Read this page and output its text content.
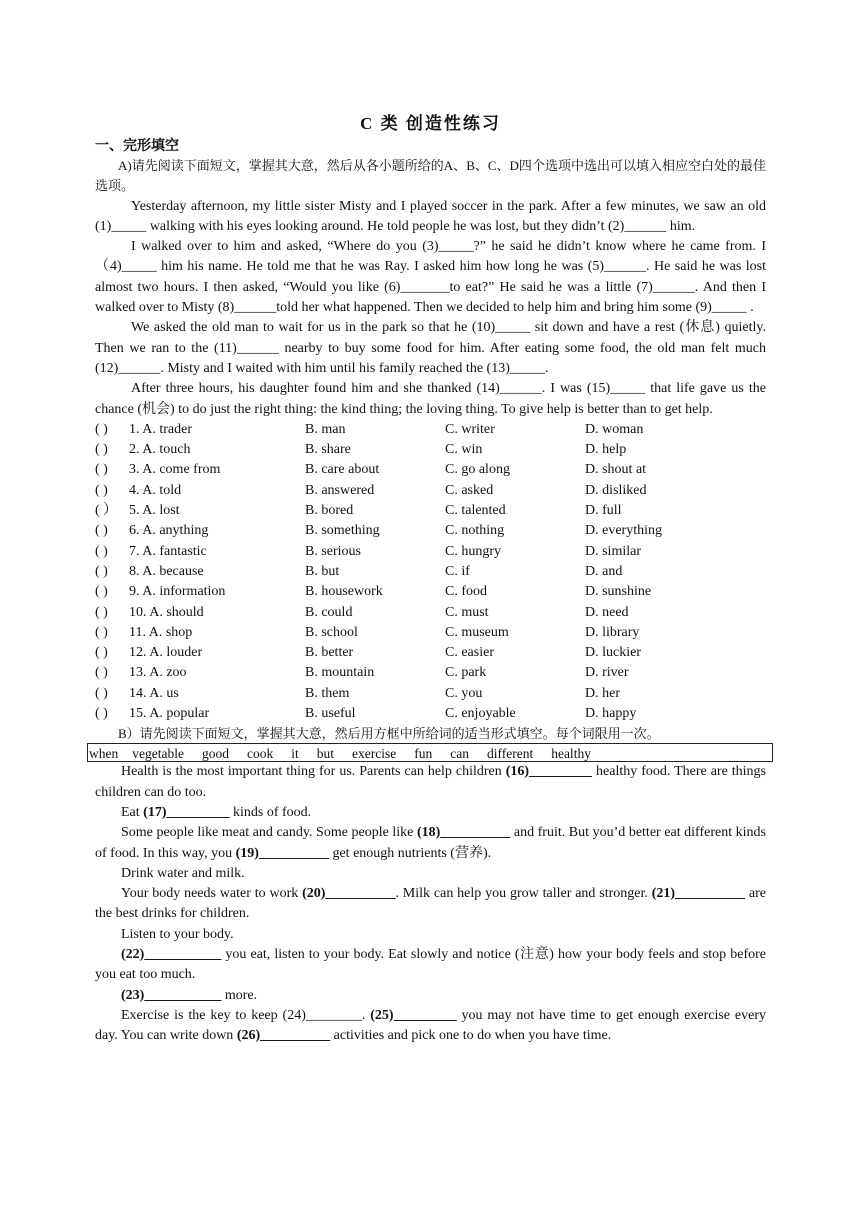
C 类 创造性练习
一、完形填空
A)请先阅读下面短文，掌握其大意，然后从各小题所给的A、B、C、D四个选项中选出可以填入相应空白处的最佳选项。

Yesterday afternoon, my little sister Misty and I played soccer in the park. After a few minutes, we saw an old (1)_____ walking with his eyes looking around. He told people he was lost, but they didn’t (2)______ him.

I walked over to him and asked, “Where do you (3)_____?” he said he didn’t know where he came from. I （4)_____ him his name. He told me that he was Ray. I asked him how long he was (5)______. He said he was lost almost two hours. I then asked, “Would you like (6)_______to eat?” He said he was a little (7)______. And then I walked over to Misty (8)______told her what happened. Then we decided to help him and bring him some (9)_____ .

We asked the old man to wait for us in the park so that he (10)_____ sit down and have a rest (休息) quietly. Then we ran to the (11)______ nearby to buy some food for him. After eating some food, the old man felt much (12)______. Misty and I waited with him until his family reached the (13)_____.

After three hours, his daughter found him and she thanked (14)______. I was (15)_____ that life gave us the chance (机会) to do just the right thing: the kind thing; the loving thing. To give help is better than to get help.

( ) 1. A. trader	B. man	C. writer	D. woman
( ) 2. A. touch	B. share	C. win	D. help
( ) 3. A. come from	B. care about	C. go along	D. shout at
( ) 4. A. told	B. answered	C. asked	D. disliked
( ） 5. A. lost	B. bored	C. talented	D. full
( ) 6. A. anything	B. something	C. nothing	D. everything
( ) 7. A. fantastic	B. serious	C. hungry	D. similar
( ) 8. A. because	B. but	C. if	D. and
( ) 9. A. information	B. housework	C. food	D. sunshine
( ) 10. A. should	B. could	C. must	D. need
( ) 11. A. shop	B. school	C. museum	D. library
( ) 12. A. louder	B. better	C. easier	D. luckier
( ) 13. A. zoo	B. mountain	C. park	D. river
( ) 14. A. us	B. them	C. you	D. her
( ) 15. A. popular	B. useful	C. enjoyable	D. happy
B）请先阅读下面短文，掌握其大意，然后用方框中所给词的适当形式填空。每个词限用一次。
when vegetable good cook it but exercise fun can different healthy

Health is the most important thing for us. Parents can help children (16)_________ healthy food. There are things children can do too.

Eat (17)_________ kinds of food.

Some people like meat and candy. Some people like (18)__________ and fruit. But you’d better eat different kinds of food. In this way, you (19)__________ get enough nutrients (营养).

Drink water and milk.

Your body needs water to work (20)__________. Milk can help you grow taller and stronger. (21)__________ are the best drinks for children.

Listen to your body.

(22)___________ you eat, listen to your body. Eat slowly and notice (注意) how your body feels and stop before you eat too much.

(23)___________ more.

Exercise is the key to keep (24)________. (25)_________ you may not have time to get enough exercise every day. You can write down (26)__________ activities and pick one to do when you have time.
